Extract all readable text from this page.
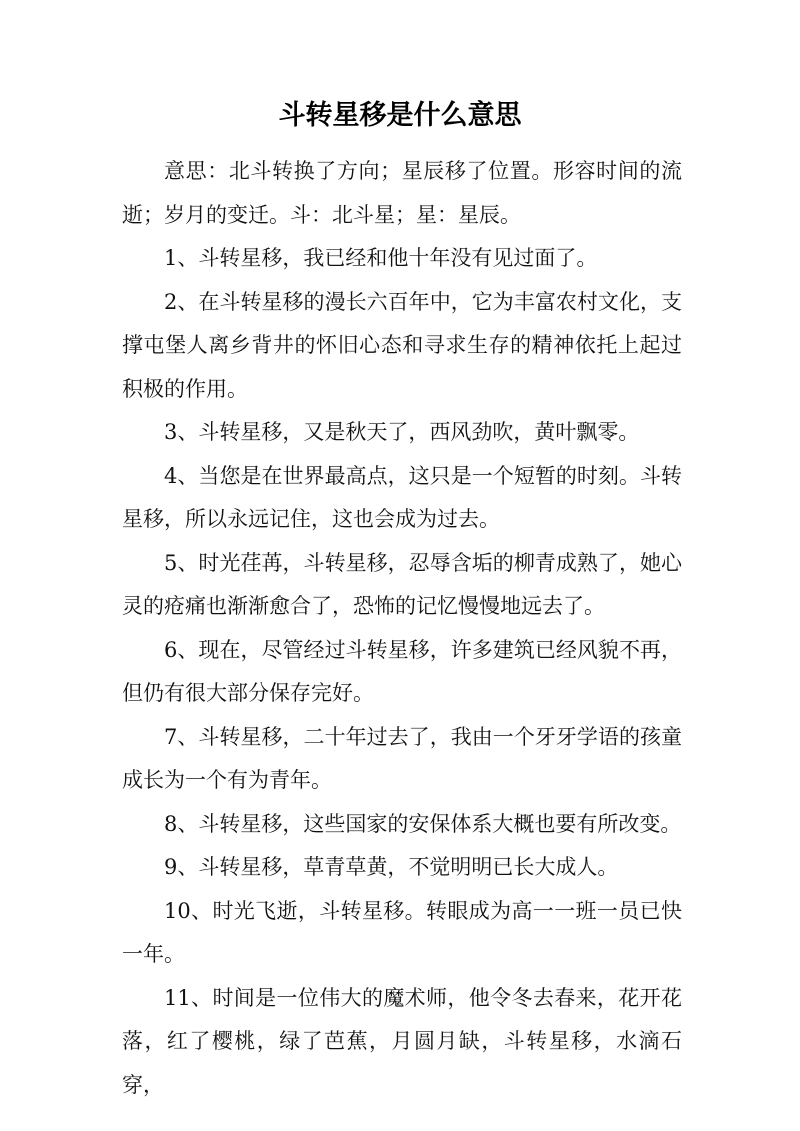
斗转星移是什么意思

意思：北斗转换了方向；星辰移了位置。形容时间的流逝；岁月的变迁。斗：北斗星；星：星辰。

1、斗转星移，我已经和他十年没有见过面了。

2、在斗转星移的漫长六百年中，它为丰富农村文化，支撑屯堡人离乡背井的怀旧心态和寻求生存的精神依托上起过积极的作用。

3、斗转星移，又是秋天了，西风劲吹，黄叶飘零。

4、当您是在世界最高点，这只是一个短暂的时刻。斗转星移，所以永远记住，这也会成为过去。

5、时光荏苒，斗转星移，忍辱含垢的柳青成熟了，她心灵的疮痛也渐渐愈合了，恐怖的记忆慢慢地远去了。

6、现在，尽管经过斗转星移，许多建筑已经风貌不再，但仍有很大部分保存完好。

7、斗转星移，二十年过去了，我由一个牙牙学语的孩童成长为一个有为青年。

8、斗转星移，这些国家的安保体系大概也要有所改变。

9、斗转星移，草青草黄，不觉明明已长大成人。

10、时光飞逝，斗转星移。转眼成为高一一班一员已快一年。

11、时间是一位伟大的魔术师，他令冬去春来，花开花落，红了樱桃，绿了芭蕉，月圆月缺，斗转星移，水滴石穿，
